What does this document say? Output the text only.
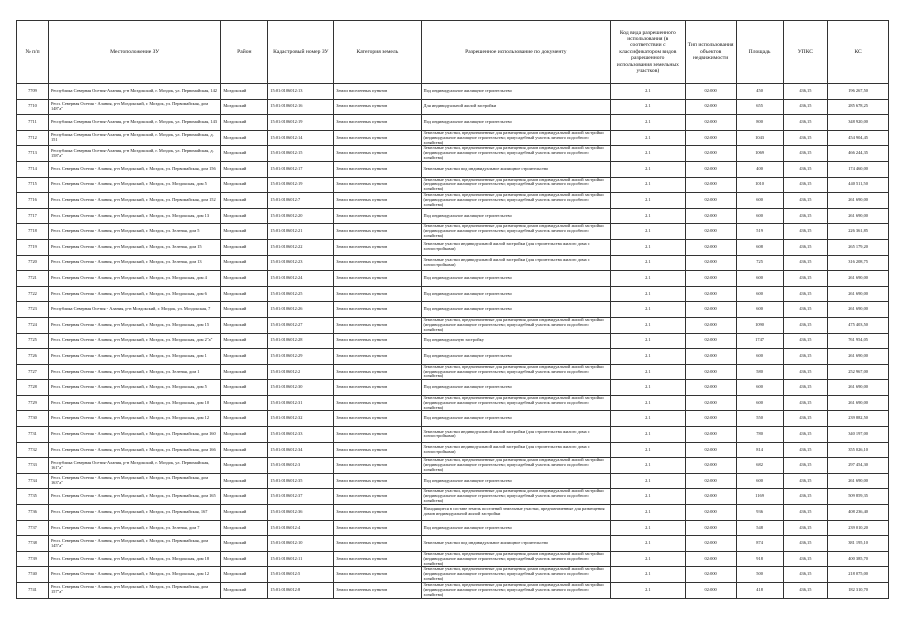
№ п/п	Местоположение ЗУ	Район	Кадастровый номер ЗУ	Категория земель	Разрешенное использование по документу	Код вида разрешенного использования (в соответствии с классификатором видов разрешенного использования земельных участков)	Тип использования объектов недвижимости	Площадь	УПКС	КС
7709	Республика Северная Осетия-Алания, р-н Моздокский, г. Моздок, ул. Первомайская, 142	Моздокский	15:01:0106012:13	Земли населенных пунктов	Под индивидуальное жилищное строительство	2.1	02:000	450	436,15	196 267,50
7710	Респ. Северная Осетия - Алания, р-н Моздокский, г. Моздок, ул. Первомайская, дом 148"а"	Моздокский	15:01:0106012:16	Земли населенных пунктов	Для индивидуальной жилой застройки	2.1	02:000	655	436,15	285 678,25
7711	Республика Северная Осетия-Алания, р-н Моздокский, г. Моздок, ул. Первомайская, 143	Моздокский	15:01:0106012:19	Земли населенных пунктов	Под индивидуальное жилищное строительство	2.1	02:000	800	436,15	348 920,00
7712	Республика Северная Осетия-Алания, р-н Моздокский, г. Моздок, ул. Первомайская, д. 151	Моздокский	15:01:0106012:14	Земли населенных пунктов	Земельные участки, предназначенные для размещения домов индивидуальной жилой застройки (индивидуальное жилищное строительство; приусадебный участок личного подсобного хозяйства)	2.1	02:000	1043	436,15	454 904,45
7713	Республика Северная Осетия-Алания, р-н Моздокский, г. Моздок, ул. Первомайская, д. 158"а"	Моздокский	15:01:0106012:15	Земли населенных пунктов	Земельные участки, предназначенные для размещения домов индивидуальной жилой застройки (индивидуальное жилищное строительство; приусадебный участок личного подсобного хозяйства)	2.1	02:000	1069	436,15	466 244,35
7714	Респ. Северная Осетия - Алания, р-н Моздокский, г. Моздок, ул. Первомайская, дом 156	Моздокский	15:01:0106012:17	Земли населенных пунктов	Земельные участки под индивидуальное жилищное строительство	2.1	02:000	400	436,15	174 460,00
7715	Респ. Северная Осетия - Алания, р-н Моздокский, г. Моздок, ул. Моздокская, дом 5	Моздокский	15:01:0106012:19	Земли населенных пунктов	Земельные участки, предназначенные для размещения домов индивидуальной жилой застройки (индивидуальное жилищное строительство; приусадебный участок личного подсобного хозяйства)	2.1	02:000	1010	436,15	440 511,50
7716	Респ. Северная Осетия - Алания, р-н Моздокский, г. Моздок, ул. Первомайская, дом 152	Моздокский	15:01:0106012:7	Земли населенных пунктов	Земельные участки, предназначенные для размещения домов индивидуальной жилой застройки (индивидуальное жилищное строительство; приусадебный участок личного подсобного хозяйства)	2.1	02:000	600	436,15	261 690,00
7717	Респ. Северная Осетия - Алания, р-н Моздокский, г. Моздок, ул. Моздокская, дом 13	Моздокский	15:01:0106012:20	Земли населенных пунктов	Под индивидуальное жилищное строительство	2.1	02:000	600	436,15	261 690,00
7718	Респ. Северная Осетия - Алания, р-н Моздокский, г. Моздок, ул. Зеленая, дом 5	Моздокский	15:01:0106012:21	Земли населенных пунктов	Земельные участки, предназначенные для размещения домов индивидуальной жилой застройки (индивидуальное жилищное строительство; приусадебный участок личного подсобного хозяйства)	2.1	02:000	519	436,15	226 361,85
7719	Респ. Северная Осетия - Алания, р-н Моздокский, г. Моздок, ул. Зеленая, дом 15	Моздокский	15:01:0106012:22	Земли населенных пунктов	Земельные участки индивидуальной жилой застройки (для строительства жилого дома с хозпостройками)	2.1	02:000	608	436,15	265 179,20
7720	Респ. Северная Осетия - Алания, р-н Моздокский, г. Моздок, ул. Зеленая, дом 13	Моздокский	15:01:0106012:23	Земли населенных пунктов	Земельные участки индивидуальной жилой застройки (для строительства жилого дома с хозпостройками)	2.1	02:000	725	436,15	316 208,75
7721	Респ. Северная Осетия - Алания, р-н Моздокский, г. Моздок, ул. Моздокская, дом 4	Моздокский	15:01:0106012:24	Земли населенных пунктов	Под индивидуальное жилищное строительство	2.1	02:000	600	436,15	261 690,00
7722	Респ. Северная Осетия - Алания, р-н Моздокский, г. Моздок, ул. Моздокская, дом 6	Моздокский	15:01:0106012:25	Земли населенных пунктов	Под индивидуальное жилищное строительство	2.1	02:000	600	436,15	261 690,00
7723	Республика Северная Осетия - Алания, р-н Моздокский, г. Моздок, ул. Моздокская, 7	Моздокский	15:01:0106012:26	Земли населенных пунктов	Под индивидуальное жилищное строительство	2.1	02:000	600	436,15	261 690,00
7724	Респ. Северная Осетия - Алания, р-н Моздокский, г. Моздок, ул. Моздокская, дом 15	Моздокский	15:01:0106012:27	Земли населенных пунктов	Земельные участки, предназначенные для размещения домов индивидуальной жилой застройки (индивидуальное жилищное строительство; приусадебный участок личного подсобного хозяйства)	2.1	02:000	1090	436,15	475 403,50
7725	Респ. Северная Осетия - Алания, р-н Моздокский, г. Моздок, ул. Моздокская, дом 2"а"	Моздокский	15:01:0106012:28	Земли населенных пунктов	Под индивидуальную застройку	2.1	02:000	1747	436,15	761 954,05
7726	Респ. Северная Осетия - Алания, р-н Моздокский, г. Моздок, ул. Моздокская, дом 1	Моздокский	15:01:0106012:29	Земли населенных пунктов	Под индивидуальное жилищное строительство	2.1	02:000	600	436,15	261 690,00
7727	Респ. Северная Осетия - Алания, р-н Моздокский, г. Моздок, ул. Зеленая, дом 1	Моздокский	15:01:0106012:2	Земли населенных пунктов	Земельные участки, предназначенные для размещения домов индивидуальной жилой застройки (индивидуальное жилищное строительство; приусадебный участок личного подсобного хозяйства)	2.1	02:000	580	436,15	252 967,00
7728	Респ. Северная Осетия - Алания, р-н Моздокский, г. Моздок, ул. Моздокская, дом 5	Моздокский	15:01:0106012:30	Земли населенных пунктов	Под индивидуальное жилищное строительство	2.1	02:000	600	436,15	261 690,00
7729	Респ. Северная Осетия - Алания, р-н Моздокский, г. Моздок, ул. Моздокская, дом 10	Моздокский	15:01:0106012:31	Земли населенных пунктов	Земельные участки, предназначенные для размещения домов индивидуальной жилой застройки (индивидуальное жилищное строительство; приусадебный участок личного подсобного хозяйства)	2.1	02:000	600	436,15	261 690,00
7730	Респ. Северная Осетия - Алания, р-н Моздокский, г. Моздок, ул. Моздокская, дом 12	Моздокский	15:01:0106012:32	Земли населенных пунктов	Под индивидуальное жилищное строительство	2.1	02:000	550	436,15	239 882,50
7731	Респ. Северная Осетия - Алания, р-н Моздокский, г. Моздок, ул. Первомайская, дом 160	Моздокский	15:01:0106012:33	Земли населенных пунктов	Земельные участки индивидуальной жилой застройки (для строительства жилого дома с хозпостройками)	2.1	02:000	780	436,15	340 197,00
7732	Респ. Северная Осетия - Алания, р-н Моздокский, г. Моздок, ул. Первомайская, дом 166	Моздокский	15:01:0106012:34	Земли населенных пунктов	Земельные участки индивидуальной жилой застройки (для строительства жилого дома с хозпостройками)	2.1	02:000	814	436,15	355 026,10
7733	Республика Северная Осетия-Алания, р-н Моздокский, г. Моздок, ул. Первомайская, 161"а"	Моздокский	15:01:0106012:3	Земли населенных пунктов	Земельные участки, предназначенные для размещения домов индивидуальной жилой застройки (индивидуальное жилищное строительство; приусадебный участок личного подсобного хозяйства)	2.1	02:000	682	436,15	297 454,30
7734	Респ. Северная Осетия - Алания, р-н Моздокский, г. Моздок, ул. Первомайская, дом 163"а"	Моздокский	15:01:0106012:35	Земли населенных пунктов	Под индивидуальное жилищное строительство	2.1	02:000	600	436,15	261 690,00
7735	Респ. Северная Осетия - Алания, р-н Моздокский, г. Моздок, ул. Первомайская, дом 165	Моздокский	15:01:0106012:37	Земли населенных пунктов	Земельные участки, предназначенные для размещения домов индивидуальной жилой застройки (индивидуальное жилищное строительство; приусадебный участок личного подсобного хозяйства)	2.1	02:000	1169	436,15	509 859,35
7736	Респ. Северная Осетия - Алания, р-н Моздокский, г. Моздок, ул. Первомайская, 167	Моздокский	15:01:0106012:36	Земли населенных пунктов	Находящиеся в составе земель поселений земельные участки, предназначенные для размещения домов индивидуальной жилой застройки	2.1	02:000	936	436,15	408 236,40
7737	Респ. Северная Осетия - Алания, р-н Моздокский, г. Моздок, ул. Зеленая, дом 7	Моздокский	15:01:0106012:4	Земли населенных пунктов	Под индивидуальное жилищное строительство	2.1	02:000	548	436,15	239 010,20
7738	Респ. Северная Осетия - Алания, р-н Моздокский, г. Моздок, ул. Первомайская, дом 145"а"	Моздокский	15:01:0106012:10	Земли населенных пунктов	Земельные участки под индивидуальное жилищное строительство	2.1	02:000	874	436,15	381 195,10
7739	Респ. Северная Осетия - Алания, р-н Моздокский, г. Моздок, ул. Моздокская, дом 18	Моздокский	15:01:0106012:11	Земли населенных пунктов	Земельные участки, предназначенные для размещения домов индивидуальной жилой застройки (индивидуальное жилищное строительство; приусадебный участок личного подсобного хозяйства)	2.1	02:000	918	436,15	400 385,70
7740	Респ. Северная Осетия - Алания, р-н Моздокский, г. Моздок, ул. Моздокская, дом 12	Моздокский	15:01:0106012:5	Земли населенных пунктов	Земельные участки, предназначенные для размещения домов индивидуальной жилой застройки (индивидуальное жилищное строительство; приусадебный участок личного подсобного хозяйства)	2.1	02:000	500	436,15	218 075,00
7741	Респ. Северная Осетия - Алания, р-н Моздокский, г. Моздок, ул. Первомайская, дом 157"а"	Моздокский	15:01:0106012:8	Земли населенных пунктов	Земельные участки, предназначенные для размещения домов индивидуальной жилой застройки (индивидуальное жилищное строительство; приусадебный участок личного подсобного хозяйства)	2.1	02:000	418	436,15	182 310,70
